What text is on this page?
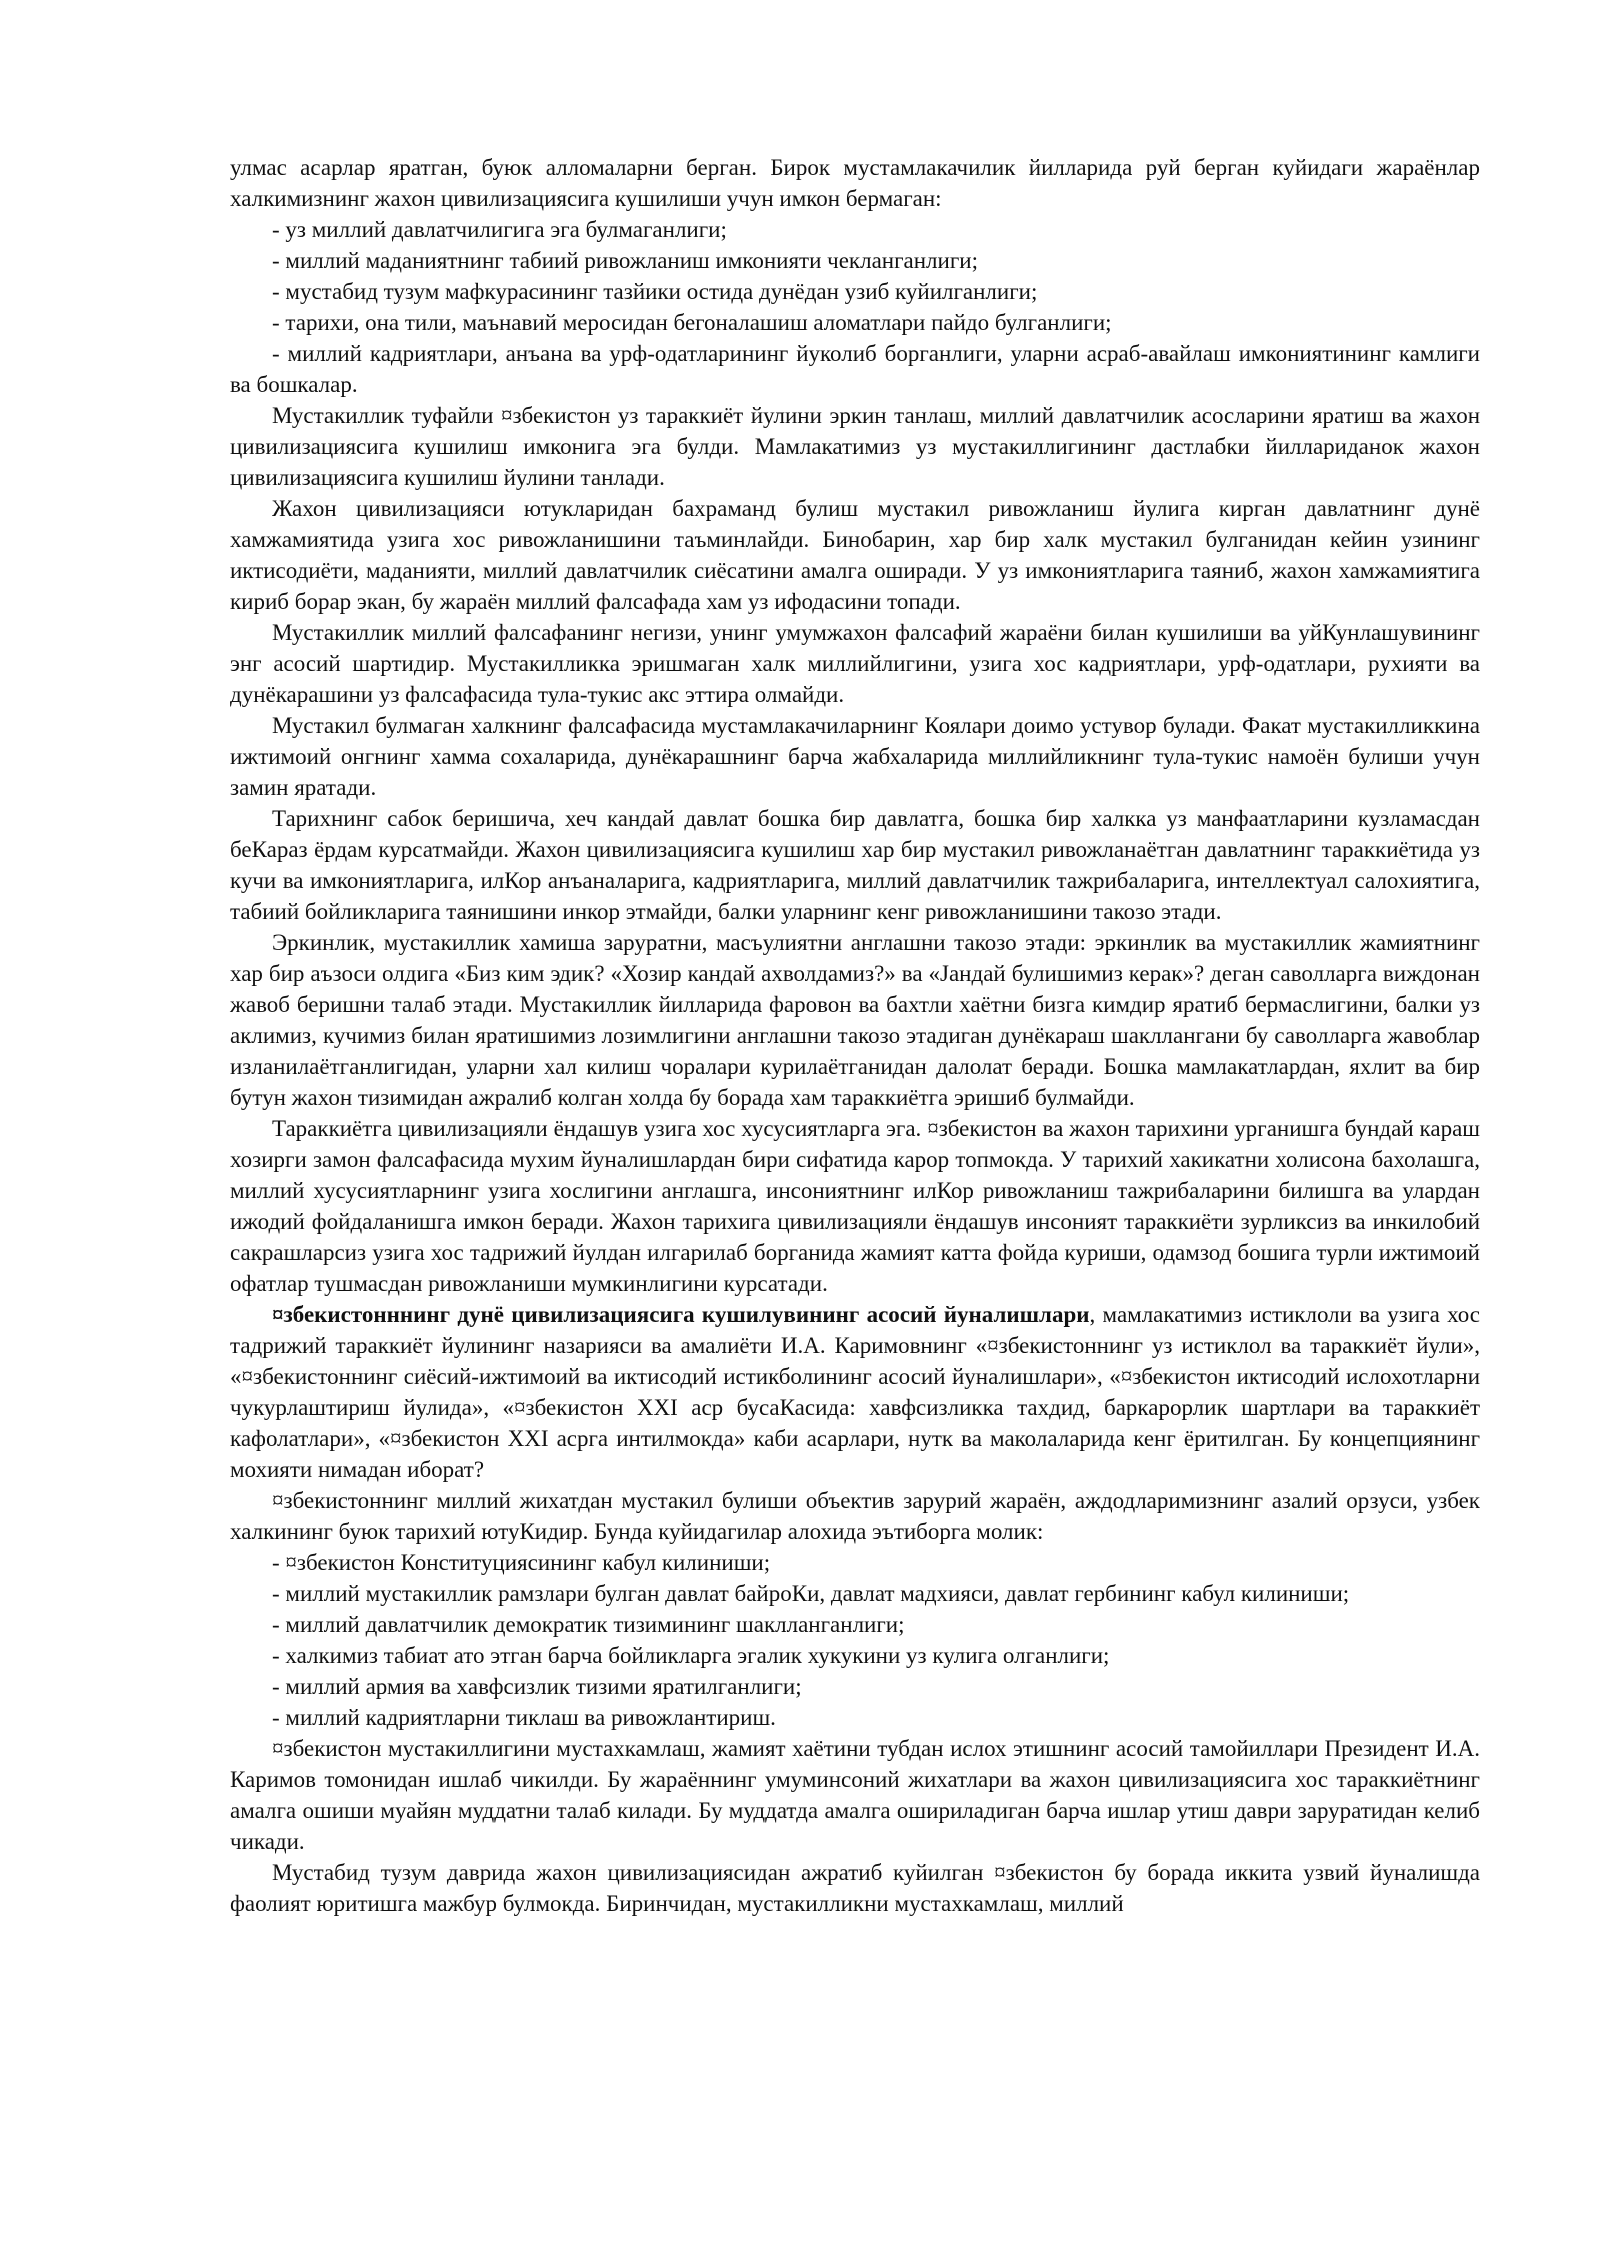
улмас асарлар яратган, буюк алломаларни берган. Бирок мустамлакачилик йилларида руй берган куйидаги жараёнлар халкимизнинг жахон цивилизациясига кушилиши учун имкон бермаган:

- уз миллий давлатчилигига эга булмаганлиги;

- миллий маданиятнинг табиий ривожланиш имконияти чекланганлиги;

- мустабид тузум мафкурасининг тазйики остида дунёдан узиб куйилганлиги;

- тарихи, она тили, маънавий меросидан бегоналашиш аломатлари пайдо булганлиги;

- миллий кадриятлари, анъана ва урф-одатларининг йуколиб борганлиги, уларни асраб-авайлаш имкониятининг камлиги ва бошкалар.

Мустакиллик туфайли ¤збекистон уз тараккиёт йулини эркин танлаш, миллий давлатчилик асосларини яратиш ва жахон цивилизациясига кушилиш имконига эга булди. Мамлакатимиз уз мустакиллигининг дастлабки йиллариданок жахон цивилизациясига кушилиш йулини танлади.

Жахон цивилизацияси ютукларидан бахраманд булиш мустакил ривожланиш йулига кирган давлатнинг дунё хамжамиятида узига хос ривожланишини таъминлайди. Бинобарин, хар бир халк мустакил булганидан кейин узининг иктисодиёти, маданияти, миллий давлатчилик сиёсатини амалга оширади. У уз имкониятларига таяниб, жахон хамжамиятига кириб борар экан, бу жараён миллий фалсафада хам уз ифодасини топади.

Мустакиллик миллий фалсафанинг негизи, унинг умумжахон фалсафий жараёни билан кушилиши ва уйКунлашувининг энг асосий шартидир. Мустакилликка эришмаган халк миллийлигини, узига хос кадриятлари, урф-одатлари, рухияти ва дунёкарашини уз фалсафасида тула-тукис акс эттира олмайди.

Мустакил булмаган халкнинг фалсафасида мустамлакачиларнинг Коялари доимо устувор булади. Факат мустакилликкина ижтимоий онгнинг хамма сохаларида, дунёкарашнинг барча жабхаларида миллийликнинг тула-тукис намоён булиши учун замин яратади.

Тарихнинг сабок беришича, хеч кандай давлат бошка бир давлатга, бошка бир халкка уз манфаатларини кузламасдан беКараз ёрдам курсатмайди. Жахон цивилизациясига кушилиш хар бир мустакил ривожланаётган давлатнинг тараккиётида уз кучи ва имкониятларига, илКор анъаналарига, кадриятларига, миллий давлатчилик тажрибаларига, интеллектуал салохиятига, табиий бойликларига таянишини инкор этмайди, балки уларнинг кенг ривожланишини такозо этади.

Эркинлик, мустакиллик хамиша заруратни, масъулиятни англашни такозо этади: эркинлик ва мустакиллик жамиятнинг хар бир аъзоси олдига «Биз ким эдик? «Хозир кандай ахволдамиз?» ва «Jандай булишимиз керак»? деган саволларга виждонан жавоб беришни талаб этади. Мустакиллик йилларида фаровон ва бахтли хаётни бизга кимдир яратиб бермаслигини, балки уз аклимиз, кучимиз билан яратишимиз лозимлигини англашни такозо этадиган дунёкараш шакллангани бу саволларга жавоблар изланилаётганлигидан, уларни хал килиш чоралари курилаётганидан далолат беради. Бошка мамлакатлардан, яхлит ва бир бутун жахон тизимидан ажралиб колган холда бу борада хам тараккиётга эришиб булмайди.

Тараккиётга цивилизацияли ёндашув узига хос хусусиятларга эга. ¤збекистон ва жахон тарихини урганишга бундай караш хозирги замон фалсафасида мухим йуналишлардан бири сифатида карор топмокда. У тарихий хакикатни холисона бахолашга, миллий хусусиятларнинг узига хослигини англашга, инсониятнинг илКор ривожланиш тажрибаларини билишга ва улардан ижодий фойдаланишга имкон беради. Жахон тарихига цивилизацияли ёндашув инсоният тараккиёти зурликсиз ва инкилобий сакрашларсиз узига хос тадрижий йулдан илгарилаб борганида жамият катта фойда куриши, одамзод бошига турли ижтимоий офатлар тушмасдан ривожланиши мумкинлигини курсатади.

¤збекистонннинг дунё цивилизациясига кушилувининг асосий йуналишлари, мамлакатимиз истиклоли ва узига хос тадрижий тараккиёт йулининг назарияси ва амалиёти И.А. Каримовнинг «¤збекистоннинг уз истиклол ва тараккиёт йули», «¤збекистоннинг сиёсий-ижтимоий ва иктисодий истикболининг асосий йуналишлари», «¤збекистон иктисодий ислохотларни чукурлаштириш йулида», «¤збекистон XXI аср бусаКасида: хавфсизликка тахдид, баркарорлик шартлари ва тараккиёт кафолатлари», «¤збекистон XXI асрга интилмокда» каби асарлари, нутк ва маколаларида кенг ёритилган. Бу концепциянинг мохияти нимадан иборат?

¤збекистоннинг миллий жихатдан мустакил булиши объектив зарурий жараён, аждодларимизнинг азалий орзуси, узбек халкининг буюк тарихий ютуКидир. Бунда куйидагилар алохида эътиборга молик:

- ¤збекистон Конституциясининг кабул килиниши;

- миллий мустакиллик рамзлари булган давлат байроКи, давлат мадхияси, давлат гербининг кабул килиниши;

- миллий давлатчилик демократик тизимининг шаклланганлиги;

- халкимиз табиат ато этган барча бойликларга эгалик хукукини уз кулига олганлиги;

- миллий армия ва хавфсизлик тизими яратилганлиги;

- миллий кадриятларни тиклаш ва ривожлантириш.

¤збекистон мустакиллигини мустахкамлаш, жамият хаётини тубдан ислох этишнинг асосий тамойиллари Президент И.А. Каримов томонидан ишлаб чикилди. Бу жараённинг умуминсоний жихатлари ва жахон цивилизациясига хос тараккиётнинг амалга ошиши муайян муддатни талаб килади. Бу муддатда амалга ошириладиган барча ишлар утиш даври заруратидан келиб чикади.

Мустабид тузум даврида жахон цивилизациясидан ажратиб куйилган ¤збекистон бу борада иккита узвий йуналишда фаолият юритишга мажбур булмокда. Биринчидан, мустакилликни мустахкамлаш, миллий
